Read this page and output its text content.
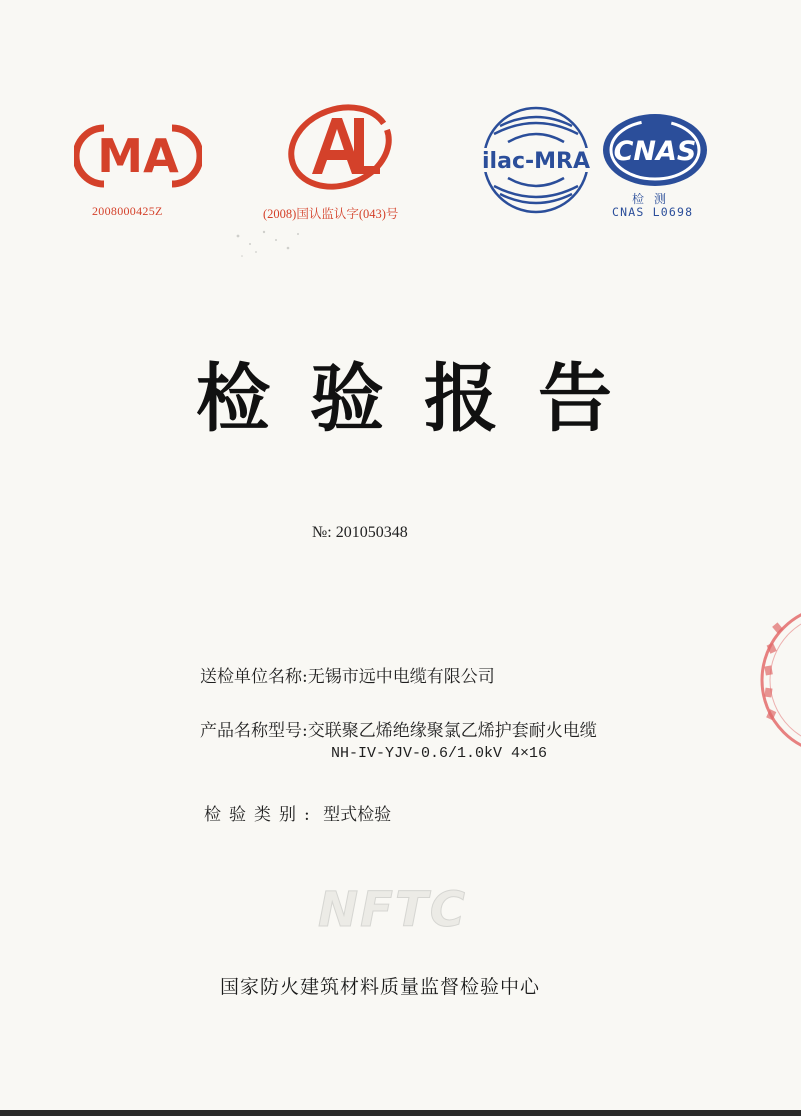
MA
2008000425Z	(2008)国认监认字(043)号
ilac-MRA CNAS
检测
CNAS L0698
检验报告
№: 201050348
送检单位名称:无锡市远中电缆有限公司
产品名称型号:交联聚乙烯绝缘聚氯乙烯护套耐火电缆
NH-IV-YJV-0.6/1.0kV 4×16
检验类别: 型式检验
NFTC
国家防火建筑材料质量监督检验中心
